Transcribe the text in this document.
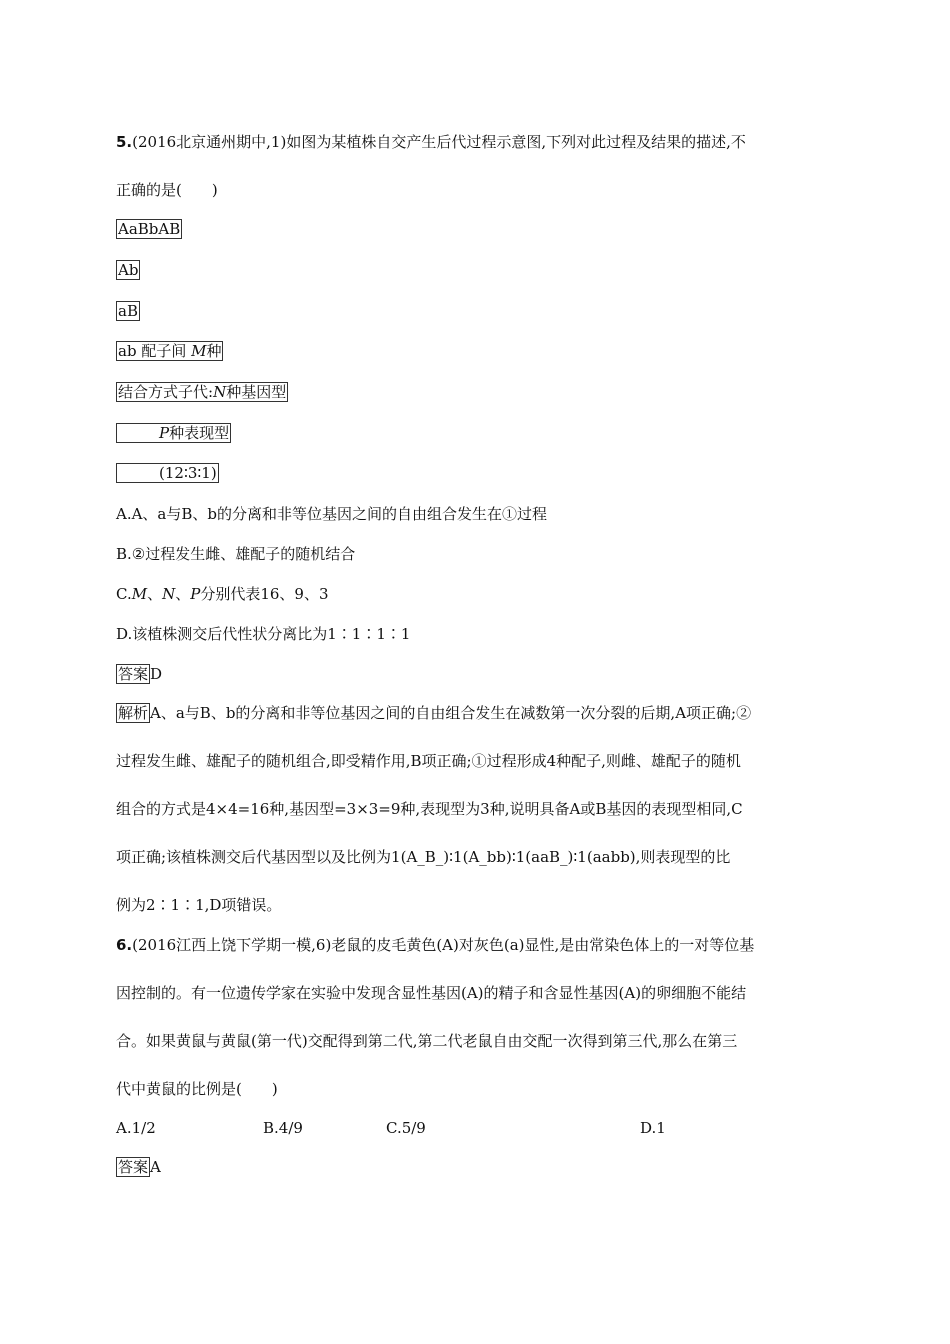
5.(2016北京通州期中,1)如图为某植株自交产生后代过程示意图,下列对此过程及结果的描述,不
正确的是(　　)
AaBbAB
Ab
aB
ab 配子间 M种
结合方式子代:N种基因型
P种表现型
(12∶3∶1)
A.A、a与B、b的分离和非等位基因之间的自由组合发生在①过程
B.②过程发生雌、雄配子的随机结合
C.M、N、P分别代表16、9、3
D.该植株测交后代性状分离比为1∶1∶1∶1
答案 D
解析 A、a与B、b的分离和非等位基因之间的自由组合发生在减数第一次分裂的后期,A项正确;②
过程发生雌、雄配子的随机组合,即受精作用,B项正确;①过程形成4种配子,则雌、雄配子的随机
组合的方式是4×4=16种,基因型=3×3=9种,表现型为3种,说明具备A或B基因的表现型相同,C
项正确;该植株测交后代基因型以及比例为1(A_B_)∶1(A_bb)∶1(aaB_)∶1(aabb),则表现型的比
例为2∶1∶1,D项错误。
6.(2016江西上饶下学期一模,6)老鼠的皮毛黄色(A)对灰色(a)显性,是由常染色体上的一对等位基
因控制的。有一位遗传学家在实验中发现含显性基因(A)的精子和含显性基因(A)的卵细胞不能结
合。如果黄鼠与黄鼠(第一代)交配得到第二代,第二代老鼠自由交配一次得到第三代,那么在第三
代中黄鼠的比例是(　　)
A.1/2	B.4/9	C.5/9	D.1
答案 A
